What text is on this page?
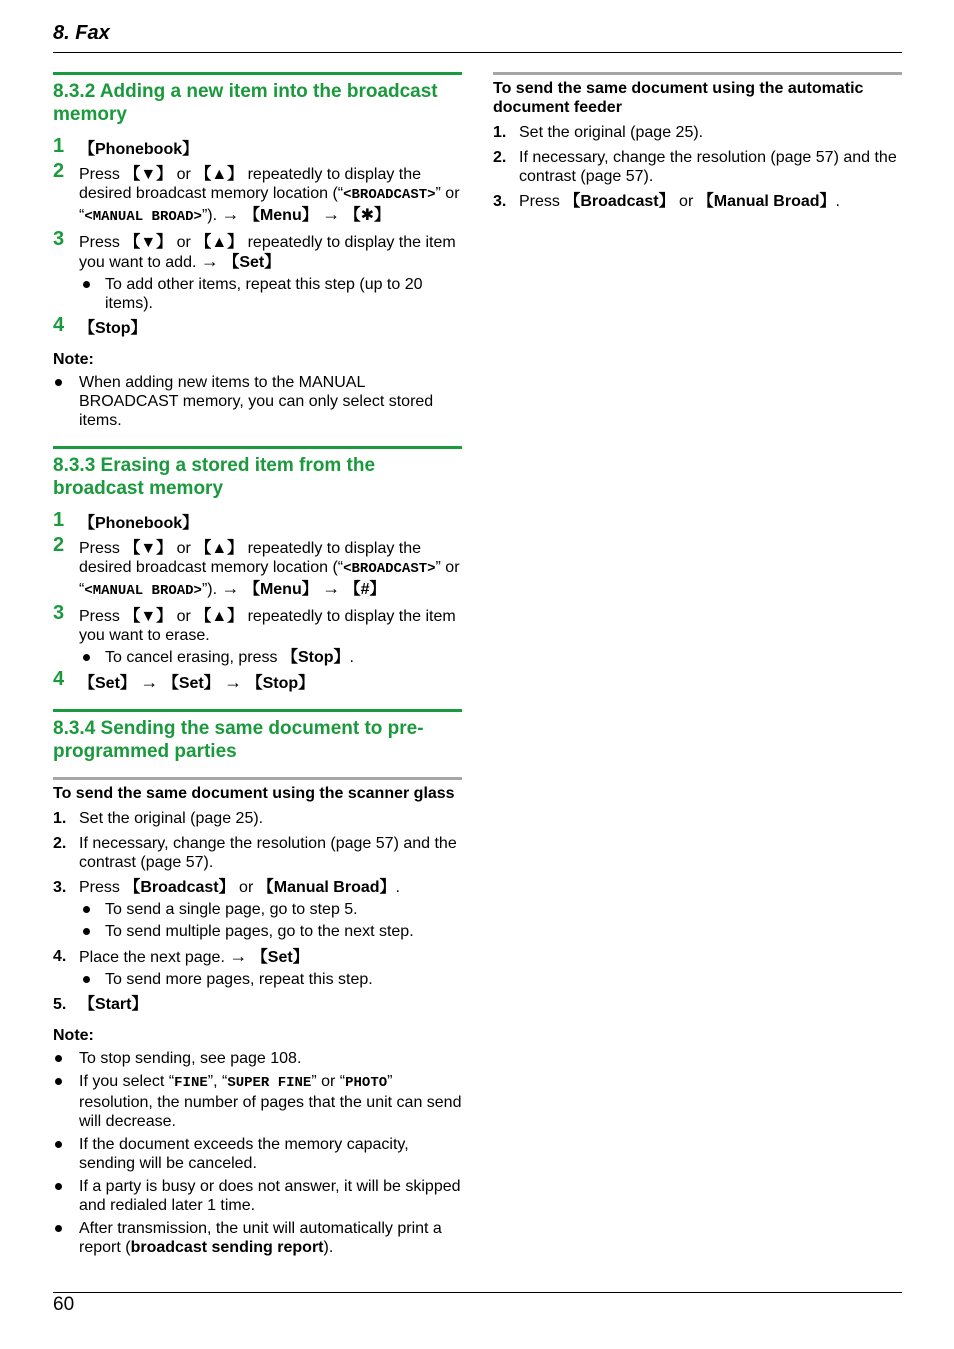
8. Fax
8.3.2 Adding a new item into the broadcast memory
1 【Phonebook】
2 Press 【▼】 or 【▲】 repeatedly to display the desired broadcast memory location (“<BROADCAST>” or “<MANUAL BROAD>”). → 【Menu】 → 【✱】
3 Press 【▼】 or 【▲】 repeatedly to display the item you want to add. → 【Set】
To add other items, repeat this step (up to 20 items).
4 【Stop】
Note:
When adding new items to the MANUAL BROADCAST memory, you can only select stored items.
8.3.3 Erasing a stored item from the broadcast memory
1 【Phonebook】
2 Press 【▼】 or 【▲】 repeatedly to display the desired broadcast memory location (“<BROADCAST>” or “<MANUAL BROAD>”). → 【Menu】 → 【#】
3 Press 【▼】 or 【▲】 repeatedly to display the item you want to erase.
To cancel erasing, press 【Stop】.
4 【Set】 → 【Set】 → 【Stop】
8.3.4 Sending the same document to pre-programmed parties
To send the same document using the scanner glass
1. Set the original (page 25).
2. If necessary, change the resolution (page 57) and the contrast (page 57).
3. Press 【Broadcast】 or 【Manual Broad】.
To send a single page, go to step 5.
To send multiple pages, go to the next step.
4. Place the next page. → 【Set】
To send more pages, repeat this step.
5. 【Start】
Note:
To stop sending, see page 108.
If you select “FINE”, “SUPER FINE” or “PHOTO” resolution, the number of pages that the unit can send will decrease.
If the document exceeds the memory capacity, sending will be canceled.
If a party is busy or does not answer, it will be skipped and redialed later 1 time.
After transmission, the unit will automatically print a report (broadcast sending report).
To send the same document using the automatic document feeder
1. Set the original (page 25).
2. If necessary, change the resolution (page 57) and the contrast (page 57).
3. Press 【Broadcast】 or 【Manual Broad】.
60
